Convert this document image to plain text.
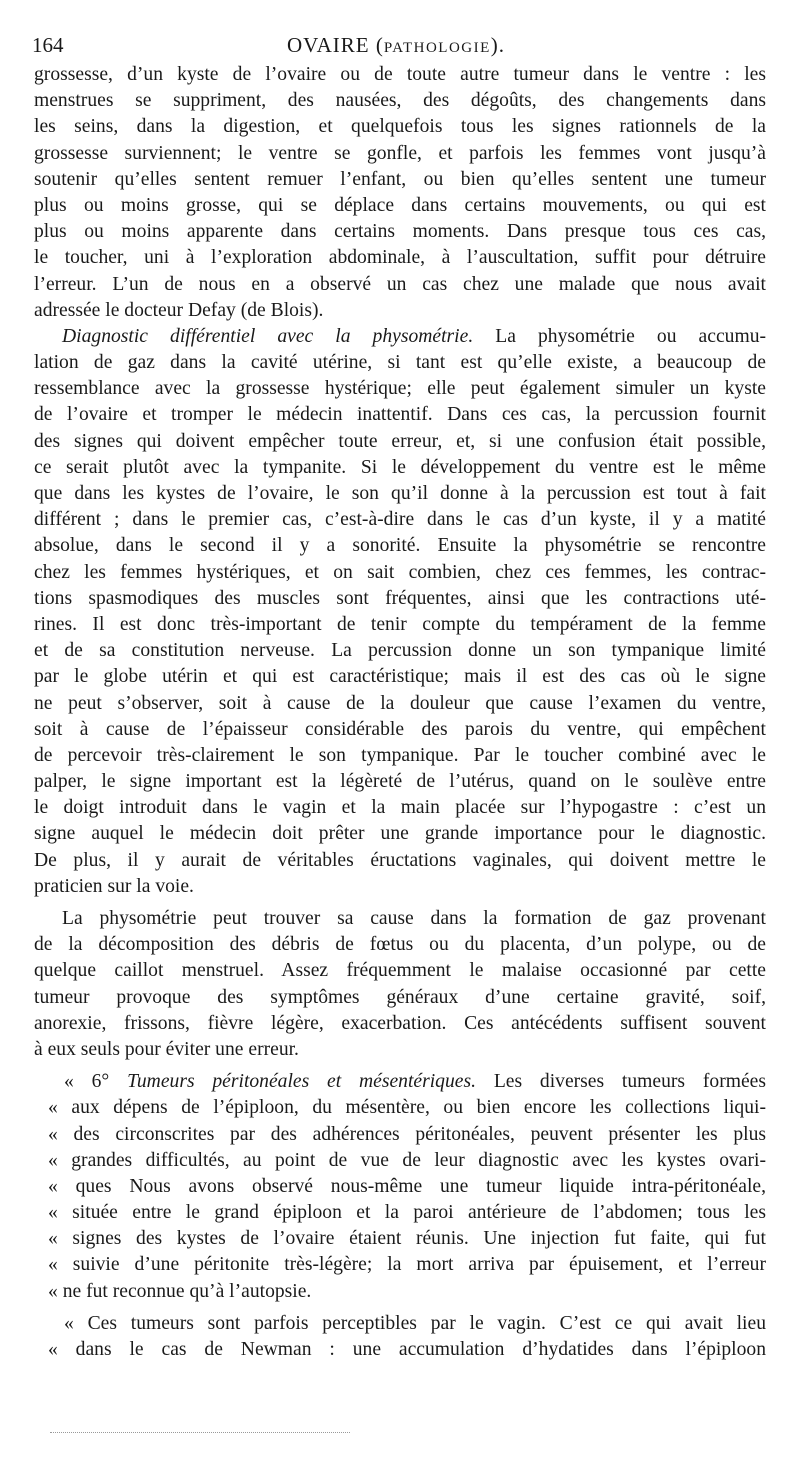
164	OVAIRE (PATHOLOGIE).
grossesse, d’un kyste de l’ovaire ou de toute autre tumeur dans le ventre : les
menstrues se suppriment, des nausées, des dégoûts, des changements dans
les seins, dans la digestion, et quelquefois tous les signes rationnels de la
grossesse surviennent; le ventre se gonfle, et parfois les femmes vont jusqu’à
soutenir qu’elles sentent remuer l’enfant, ou bien qu’elles sentent une tumeur
plus ou moins grosse, qui se déplace dans certains mouvements, ou qui est
plus ou moins apparente dans certains moments. Dans presque tous ces cas,
le toucher, uni à l’exploration abdominale, à l’auscultation, suffit pour détruire
l’erreur. L’un de nous en a observé un cas chez une malade que nous avait
adressée le docteur Defay (de Blois).
Diagnostic différentiel avec la physométrie. La physométrie ou accumu-
lation de gaz dans la cavité utérine, si tant est qu’elle existe, a beaucoup de
ressemblance avec la grossesse hystérique; elle peut également simuler un kyste
de l’ovaire et tromper le médecin inattentif. Dans ces cas, la percussion fournit
des signes qui doivent empêcher toute erreur, et, si une confusion était possible,
ce serait plutôt avec la tympanite. Si le développement du ventre est le même
que dans les kystes de l’ovaire, le son qu’il donne à la percussion est tout à fait
différent ; dans le premier cas, c’est-à-dire dans le cas d’un kyste, il y a matité
absolue, dans le second il y a sonorité. Ensuite la physométrie se rencontre
chez les femmes hystériques, et on sait combien, chez ces femmes, les contrac-
tions spasmodiques des muscles sont fréquentes, ainsi que les contractions uté-
rines. Il est donc très-important de tenir compte du tempérament de la femme
et de sa constitution nerveuse. La percussion donne un son tympanique limité
par le globe utérin et qui est caractéristique; mais il est des cas où le signe
ne peut s’observer, soit à cause de la douleur que cause l’examen du ventre,
soit à cause de l’épaisseur considérable des parois du ventre, qui empêchent
de percevoir très-clairement le son tympanique. Par le toucher combiné avec le
palper, le signe important est la légèreté de l’utérus, quand on le soulève entre
le doigt introduit dans le vagin et la main placée sur l’hypogastre : c’est un
signe auquel le médecin doit prêter une grande importance pour le diagnostic.
De plus, il y aurait de véritables éructations vaginales, qui doivent mettre le
praticien sur la voie.
La physométrie peut trouver sa cause dans la formation de gaz provenant
de la décomposition des débris de fœtus ou du placenta, d’un polype, ou de
quelque caillot menstruel. Assez fréquemment le malaise occasionné par cette
tumeur provoque des symptômes généraux d’une certaine gravité, soif,
anorexie, frissons, fièvre légère, exacerbation. Ces antécédents suffisent souvent
à eux seuls pour éviter une erreur.
« 6° Tumeurs péritonéales et mésentériques. Les diverses tumeurs formées
« aux dépens de l’épiploon, du mésentère, ou bien encore les collections liqui-
« des circonscrites par des adhérences péritonéales, peuvent présenter les plus
« grandes difficultés, au point de vue de leur diagnostic avec les kystes ovari-
« ques Nous avons observé nous-même une tumeur liquide intra-péritonéale,
« située entre le grand épiploon et la paroi antérieure de l’abdomen; tous les
« signes des kystes de l’ovaire étaient réunis. Une injection fut faite, qui fut
« suivie d’une péritonite très-légère; la mort arriva par épuisement, et l’erreur
« ne fut reconnue qu’à l’autopsie.
« Ces tumeurs sont parfois perceptibles par le vagin. C’est ce qui avait lieu
« dans le cas de Newman : une accumulation d’hydatides dans l’épiploon
